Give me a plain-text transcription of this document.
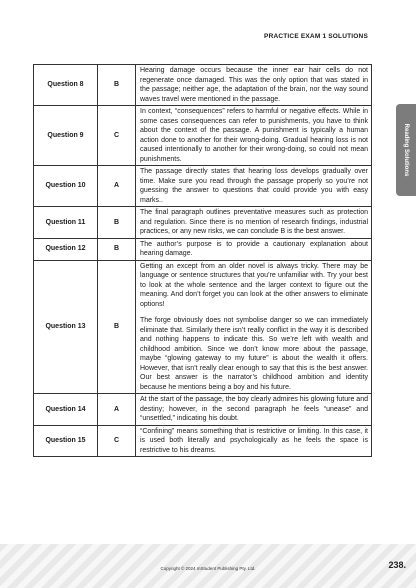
PRACTICE EXAM 1 SOLUTIONS
Reading Solutions
Question 8	B	Hearing damage occurs because the inner ear hair cells do not regenerate once damaged. This was the only option that was stated in the passage; neither age, the adaptation of the brain, nor the way sound waves travel were mentioned in the passage.

Question 9	C	In context, “consequences” refers to harmful or negative effects. While in some cases consequences can refer to punishments, you have to think about the context of the passage. A punishment is typically a human action done to another for their wrong-doing. Gradual hearing loss is not caused intentionally to another for their wrong-doing, so could not mean punishments.

Question 10	A	The passage directly states that hearing loss develops gradually over time. Make sure you read through the passage properly so you’re not guessing the answer to questions that could provide you with easy marks..

Question 11	B	The final paragraph outlines preventative measures such as protection and regulation. Since there is no mention of research findings, industrial practices, or any new risks, we can conclude B is the best answer.

Question 12	B	The author’s purpose is to provide a cautionary explanation about hearing damage.

Question 13	B	Getting an except from an older novel is always tricky. There may be language or sentence structures that you’re unfamiliar with. Try your best to look at the whole sentence and the larger context to figure out the meaning. And don’t forget you can look at the other answers to eliminate options!

The forge obviously does not symbolise danger so we can immediately eliminate that. Similarly there isn’t really conflict in the way it is described and nothing happens to indicate this. So we’re left with wealth and childhood ambition. Since we don’t know more about the passage, maybe “glowing gateway to my future” is about the wealth it offers. However, that isn’t really clear enough to say that this is the best answer. Our best answer is the narrator’s childhood ambition and identity because he mentions being a boy and his future.

Question 14	A	At the start of the passage, the boy clearly admires his glowing future and destiny; however, in the second paragraph he feels “unease” and “unsettled,” indicating his doubt.

Question 15	C	“Confining” means something that is restrictive or limiting. In this case, it is used both literally and psychologically as he feels the space is restrictive to his dreams.

Copyright © 2024 mStudent Publishing Pty. Ltd.	238.
